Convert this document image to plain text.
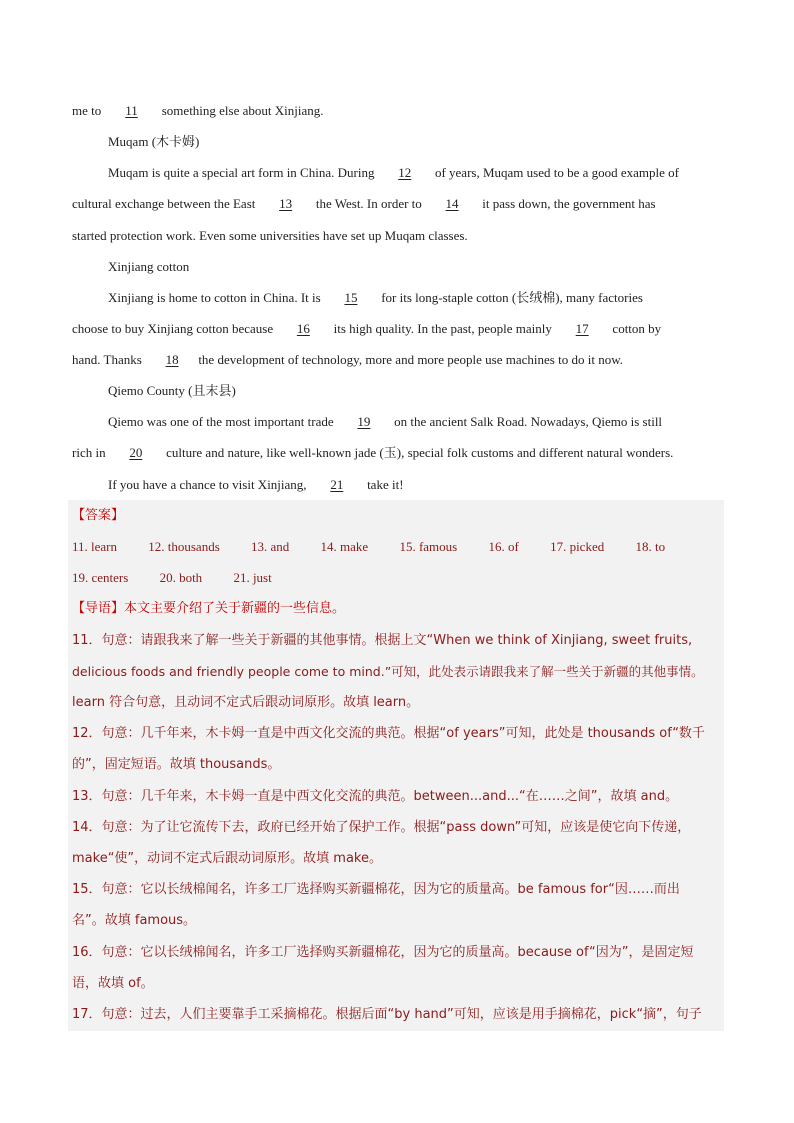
me to 11 something else about Xinjiang.
Muqam (木卡姆)
Muqam is quite a special art form in China. During 12 of years, Muqam used to be a good example of
cultural exchange between the East 13 the West. In order to 14 it pass down, the government has
started protection work. Even some universities have set up Muqam classes.
Xinjiang cotton
Xinjiang is home to cotton in China. It is 15 for its long-staple cotton (长绒棉), many factories
choose to buy Xinjiang cotton because 16 its high quality. In the past, people mainly 17 cotton by
hand. Thanks 18 the development of technology, more and more people use machines to do it now.
Qiemo County (且末县)
Qiemo was one of the most important trade 19 on the ancient Salk Road. Nowadays, Qiemo is still
rich in 20 culture and nature, like well-known jade (玉), special folk customs and different natural wonders.
If you have a chance to visit Xinjiang, 21 take it!
【答案】
11. learn 12. thousands 13. and 14. make 15. famous 16. of 17. picked 18. to
19. centers 20. both 21. just
【导语】本文主要介绍了关于新疆的一些信息。
11．句意：请跟我来了解一些关于新疆的其他事情。根据上文“When we think of Xinjiang, sweet fruits,
delicious foods and friendly people come to mind.”可知，此处表示请跟我来了解一些关于新疆的其他事情。
learn 符合句意，且动词不定式后跟动词原形。故填 learn。
12．句意：几千年来，木卡姆一直是中西文化交流的典范。根据“of years”可知，此处是 thousands of“数千
的”，固定短语。故填 thousands。
13．句意：几千年来，木卡姆一直是中西文化交流的典范。between...and...“在……之间”，故填 and。
14．句意：为了让它流传下去，政府已经开始了保护工作。根据“pass down”可知，应该是使它向下传递，
make“使”，动词不定式后跟动词原形。故填 make。
15．句意：它以长绒棉闻名，许多工厂选择购买新疆棉花，因为它的质量高。be famous for“因……而出
名”。故填 famous。
16．句意：它以长绒棉闻名，许多工厂选择购买新疆棉花，因为它的质量高。because of“因为”，是固定短
语，故填 of。
17．句意：过去，人们主要靠手工采摘棉花。根据后面“by hand”可知，应该是用手摘棉花，pick“摘”，句子
